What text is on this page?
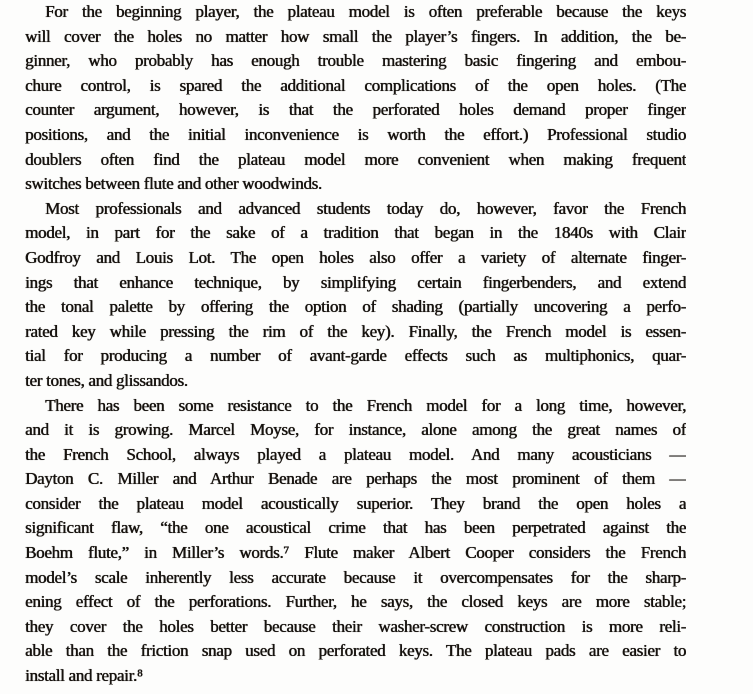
For the beginning player, the plateau model is often preferable because the keys
will cover the holes no matter how small the player’s fingers. In addition, the be-
ginner, who probably has enough trouble mastering basic fingering and embou-
chure control, is spared the additional complications of the open holes. (The
counter argument, however, is that the perforated holes demand proper finger
positions, and the initial inconvenience is worth the effort.) Professional studio
doublers often find the plateau model more convenient when making frequent
switches between flute and other woodwinds.
Most professionals and advanced students today do, however, favor the French
model, in part for the sake of a tradition that began in the 1840s with Clair
Godfroy and Louis Lot. The open holes also offer a variety of alternate finger-
ings that enhance technique, by simplifying certain fingerbenders, and extend
the tonal palette by offering the option of shading (partially uncovering a perfo-
rated key while pressing the rim of the key). Finally, the French model is essen-
tial for producing a number of avant-garde effects such as multiphonics, quar-
ter tones, and glissandos.
There has been some resistance to the French model for a long time, however,
and it is growing. Marcel Moyse, for instance, alone among the great names of
the French School, always played a plateau model. And many acousticians —
Dayton C. Miller and Arthur Benade are perhaps the most prominent of them —
consider the plateau model acoustically superior. They brand the open holes a
significant flaw, “the one acoustical crime that has been perpetrated against the
Boehm flute,” in Miller’s words.⁷ Flute maker Albert Cooper considers the French
model’s scale inherently less accurate because it overcompensates for the sharp-
ening effect of the perforations. Further, he says, the closed keys are more stable;
they cover the holes better because their washer-screw construction is more reli-
able than the friction snap used on perforated keys. The plateau pads are easier to
install and repair.⁸
